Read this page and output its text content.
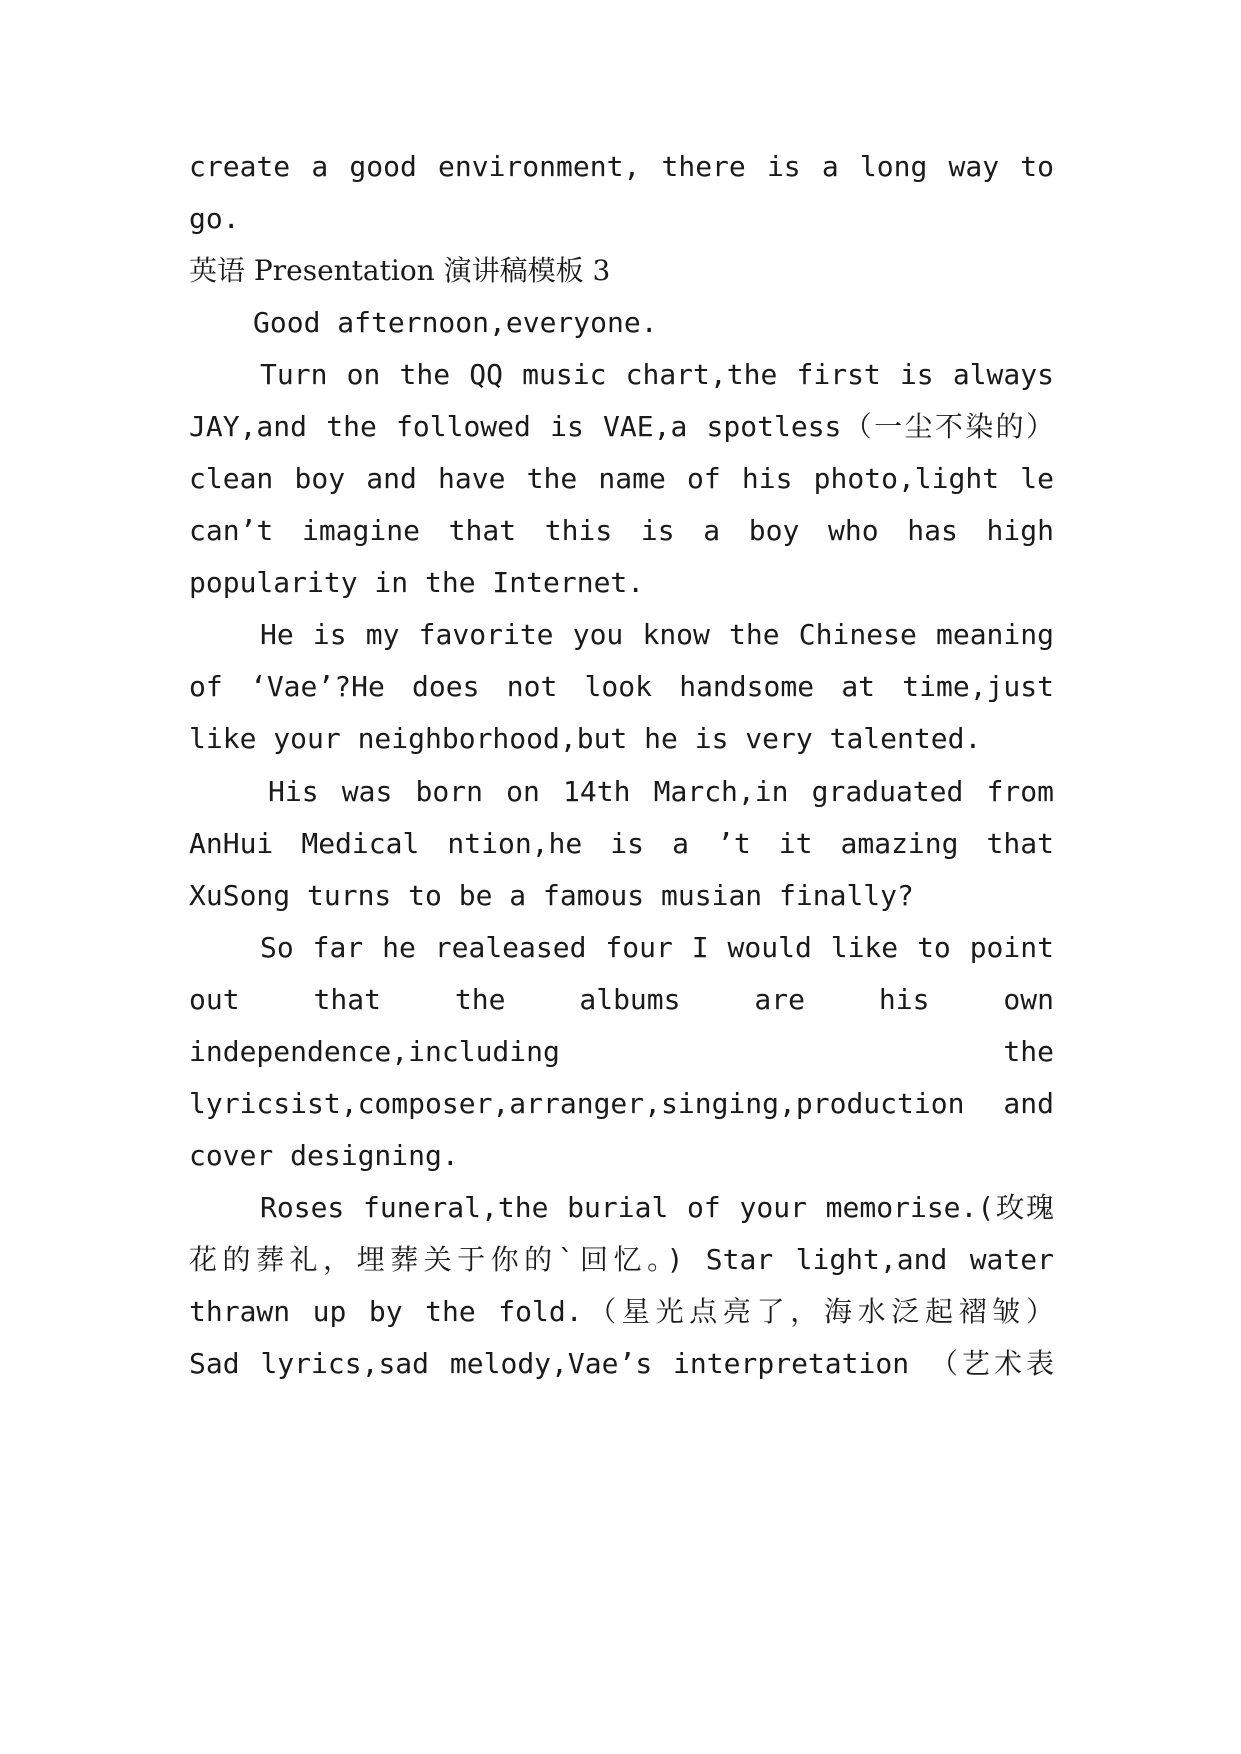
create a good environment, there is a long way to
go.
英语 Presentation 演讲稿模板 3
Good afternoon,everyone.
Turn on the QQ music chart,the first is always
JAY,and the followed is VAE,a spotless（一尘不染的）
clean boy and have the name of his photo,light le
can’t imagine that this is a boy who has high
popularity in the Internet.
He is my favorite you know the Chinese meaning
of ‘Vae’?He does not look handsome at time,just
like your neighborhood,but he is very talented.
His was born on 14th March,in graduated from
AnHui Medical ntion,he is a ’t it amazing that
XuSong turns to be a famous musian finally?
So far he realeased four I would like to point
out that the albums are his own
independence,including the
lyricsist,composer,arranger,singing,production and
cover designing.
Roses funeral,the burial of your memorise.(玫瑰
花的葬礼，埋葬关于你的`回忆。) Star light,and water
thrawn up by the fold.（星光点亮了，海水泛起褶皱）
Sad lyrics,sad melody,Vae’s interpretation （艺术表
